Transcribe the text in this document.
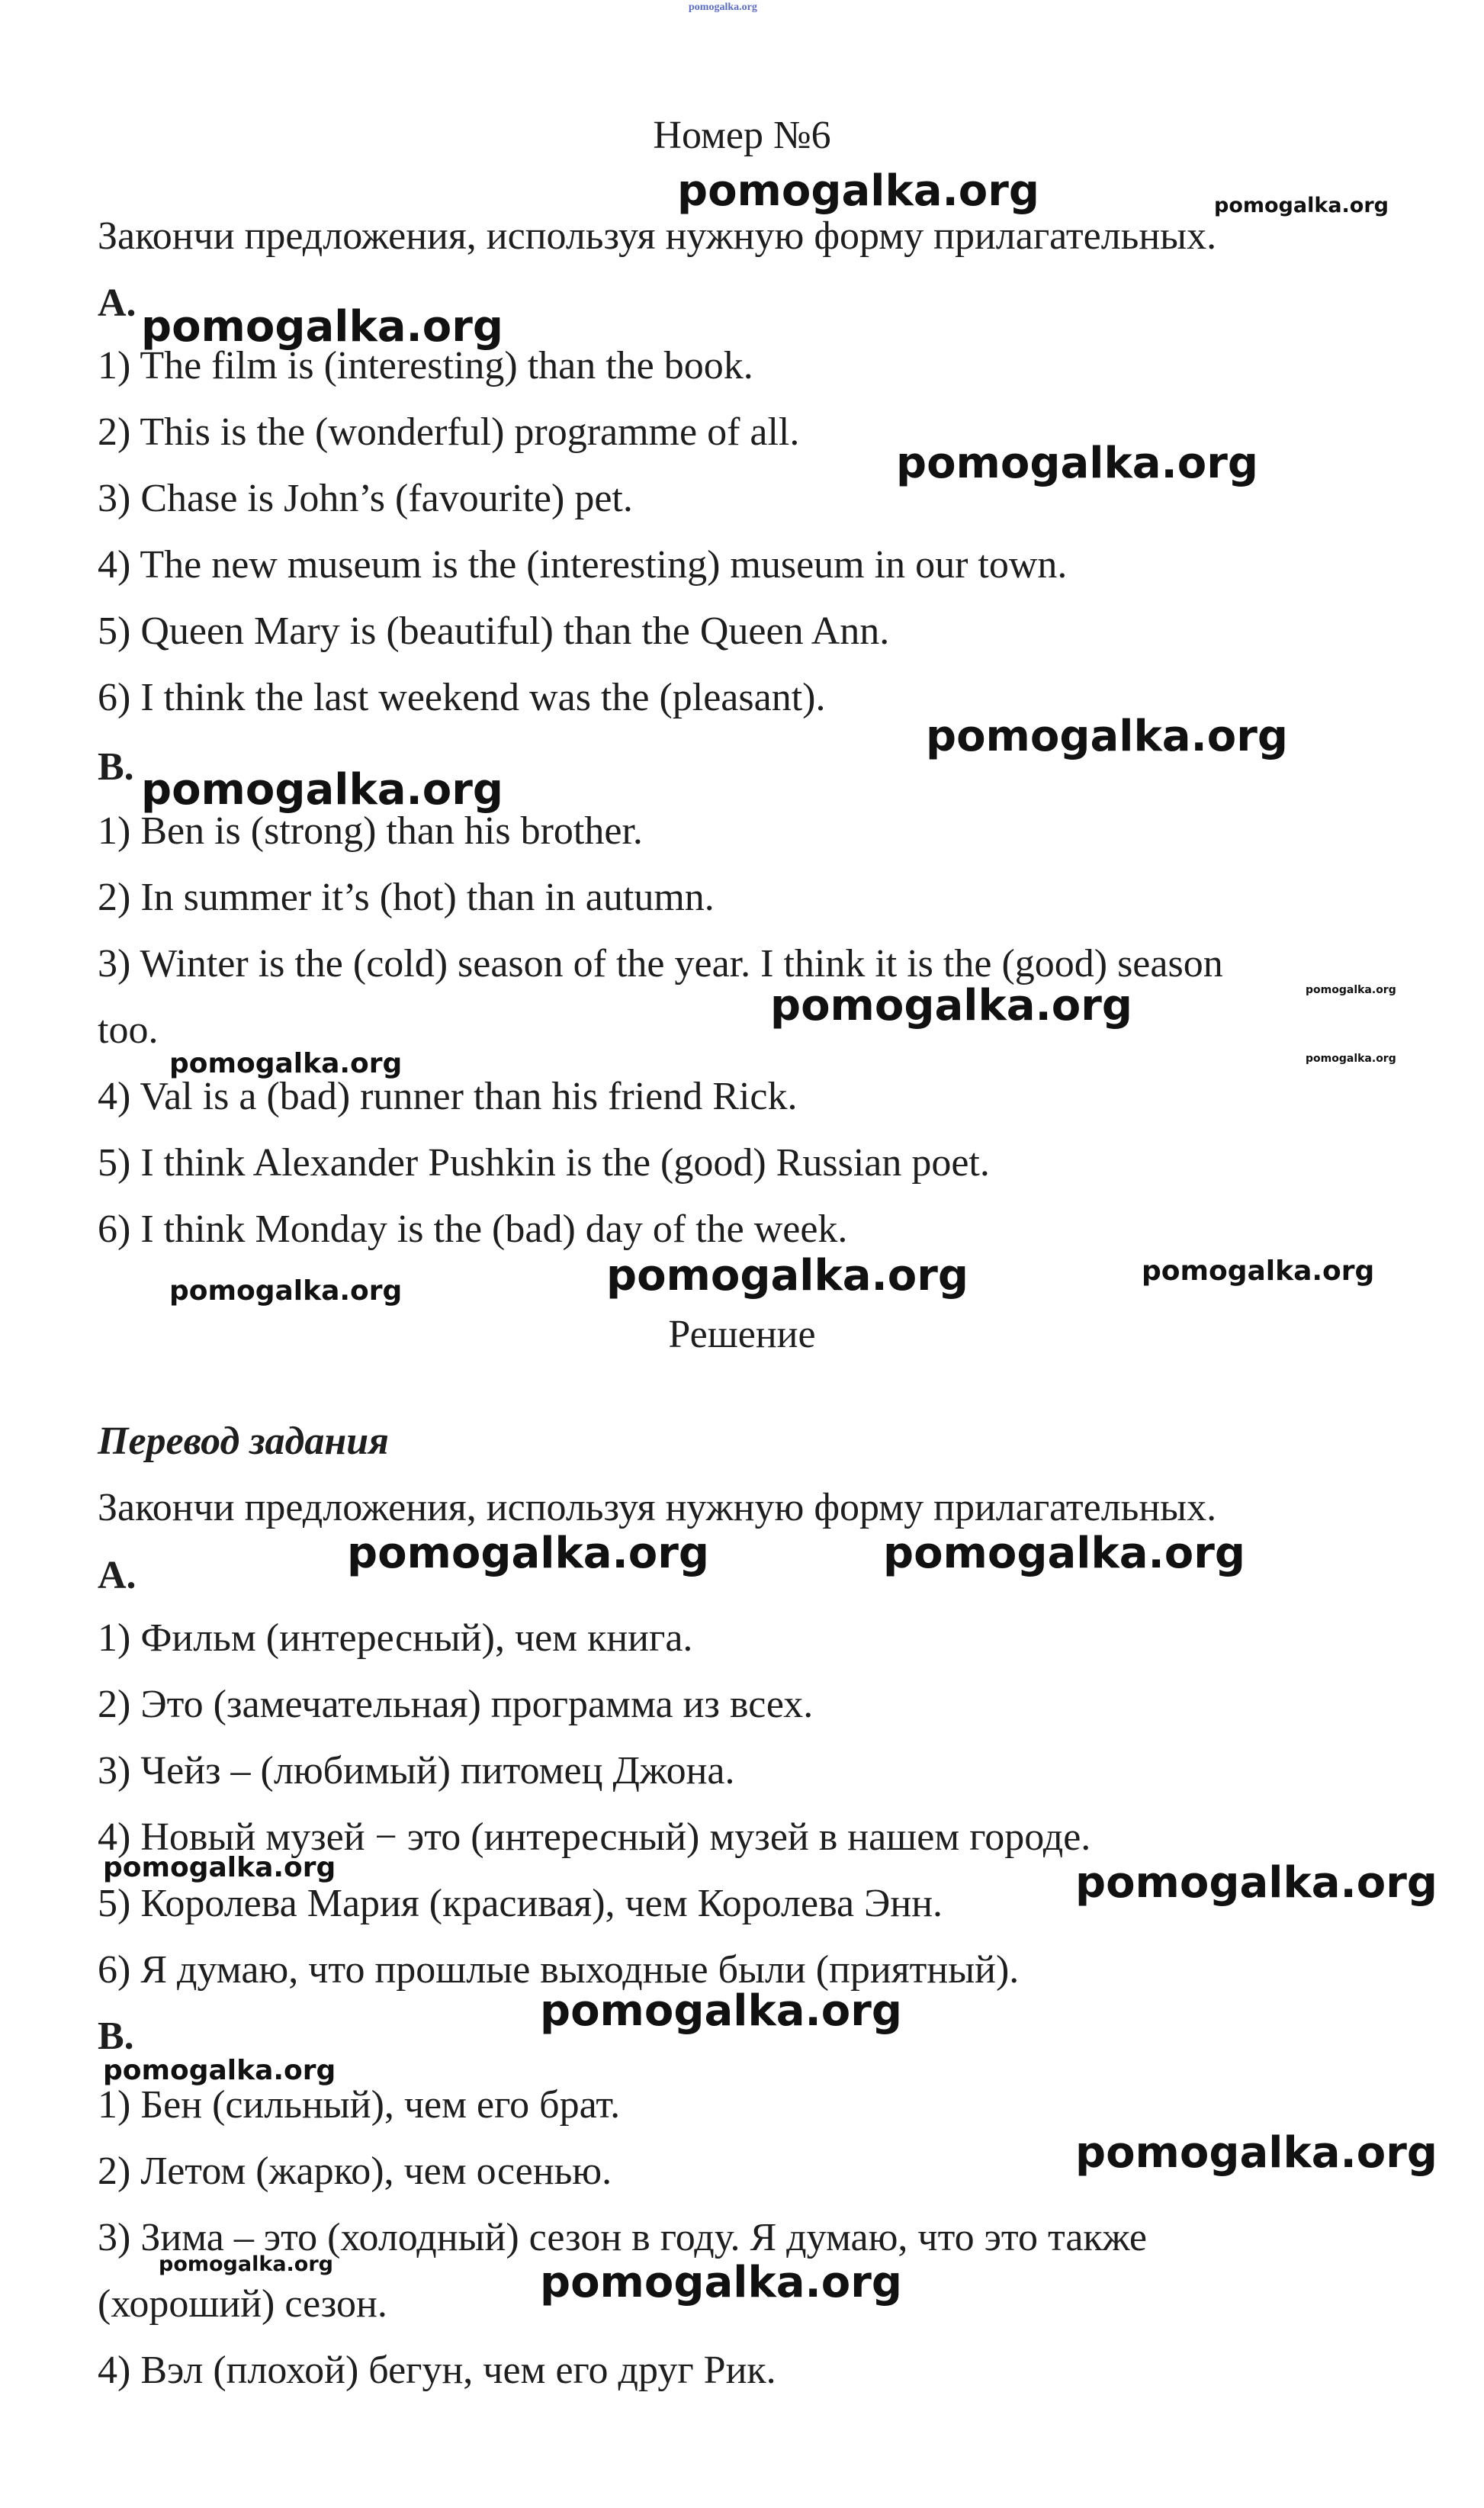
pomogalka.org
Номер №6
pomogalka.org	pomogalka.org
Закончи предложения, используя нужную форму прилагательных.
A. pomogalka.org
1) The film is (interesting) than the book.
2) This is the (wonderful) programme of all.
pomogalka.org
3) Chase is John’s (favourite) pet.
4) The new museum is the (interesting) museum in our town.
5) Queen Mary is (beautiful) than the Queen Ann.
6) I think the last weekend was the (pleasant).
pomogalka.org
B. pomogalka.org
1) Ben is (strong) than his brother.
2) In summer it’s (hot) than in autumn.
3) Winter is the (cold) season of the year. I think it is the (good) season
pomogalka.org
pomogalka.org
too.
pomogalka.org	pomogalka.org
4) Val is a (bad) runner than his friend Rick.
5) I think Alexander Pushkin is the (good) Russian poet.
6) I think Monday is the (bad) day of the week.
pomogalka.org	pomogalka.org	pomogalka.org
Решение
Перевод задания
Закончи предложения, используя нужную форму прилагательных.
pomogalka.org	pomogalka.org
A.
1) Фильм (интересный), чем книга.
2) Это (замечательная) программа из всех.
3) Чейз – (любимый) питомец Джона.
4) Новый музей − это (интересный) музей в нашем городе.
pomogalka.org
5) Королева Мария (красивая), чем Королева Энн.	pomogalka.org
6) Я думаю, что прошлые выходные были (приятный).
pomogalka.org
B.
pomogalka.org
1) Бен (сильный), чем его брат.
2) Летом (жарко), чем осенью.	pomogalka.org
3) Зима – это (холодный) сезон в году. Я думаю, что это также
pomogalka.org
(хороший) сезон.	pomogalka.org
4) Вэл (плохой) бегун, чем его друг Рик.
